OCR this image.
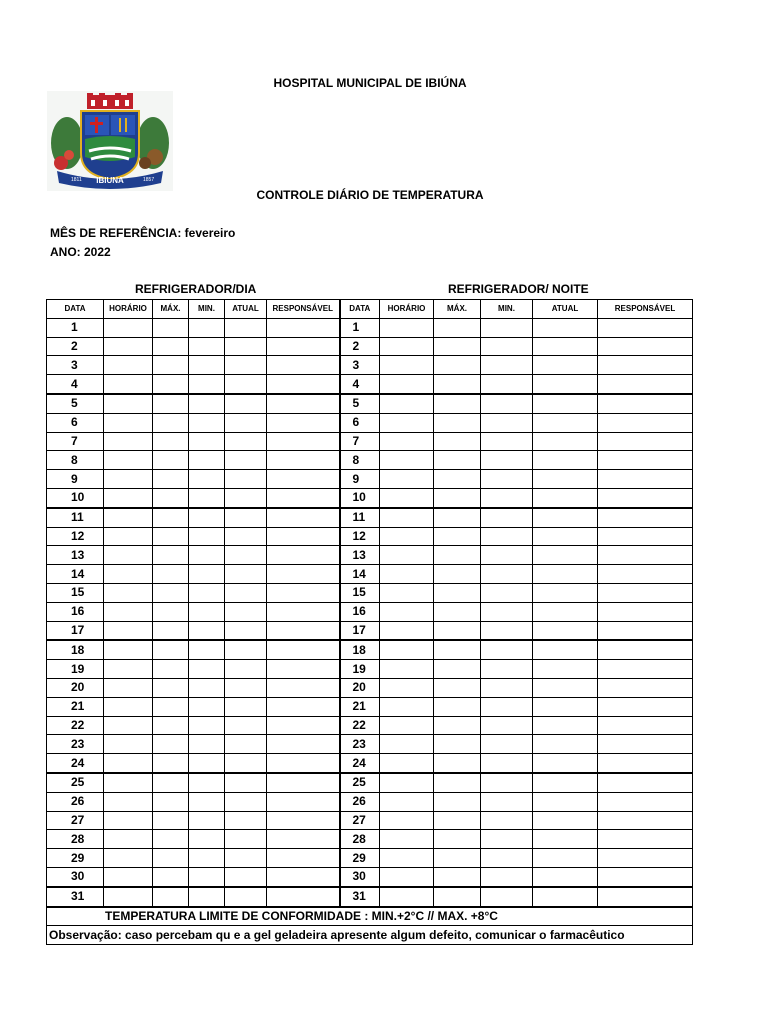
HOSPITAL MUNICIPAL DE IBIÚNA
IBIUNA
1811	1857
CONTROLE DIÁRIO DE TEMPERATURA
MÊS DE REFERÊNCIA: fevereiro
ANO: 2022
REFRIGERADOR/DIA	REFRIGERADOR/ NOITE
DATA	HORÁRIO	MÁX.	MIN.	ATUAL	RESPONSÁVEL	DATA	HORÁRIO	MÁX.	MIN.	ATUAL	RESPONSÁVEL
1						1					
2						2					
3						3					
4						4					
5						5					
6						6					
7						7					
8						8					
9						9					
10						10					
11						11					
12						12					
13						13					
14						14					
15						15					
16						16					
17						17					
18						18					
19						19					
20						20					
21						21					
22						22					
23						23					
24						24					
25						25					
26						26					
27						27					
28						28					
29						29					
30						30					
31						31					
TEMPERATURA LIMITE DE CONFORMIDADE : MIN.+2°C // MAX. +8°C											
Observação: caso percebam qu e a gel geladeira apresente algum defeito, comunicar o farmacêutico											
